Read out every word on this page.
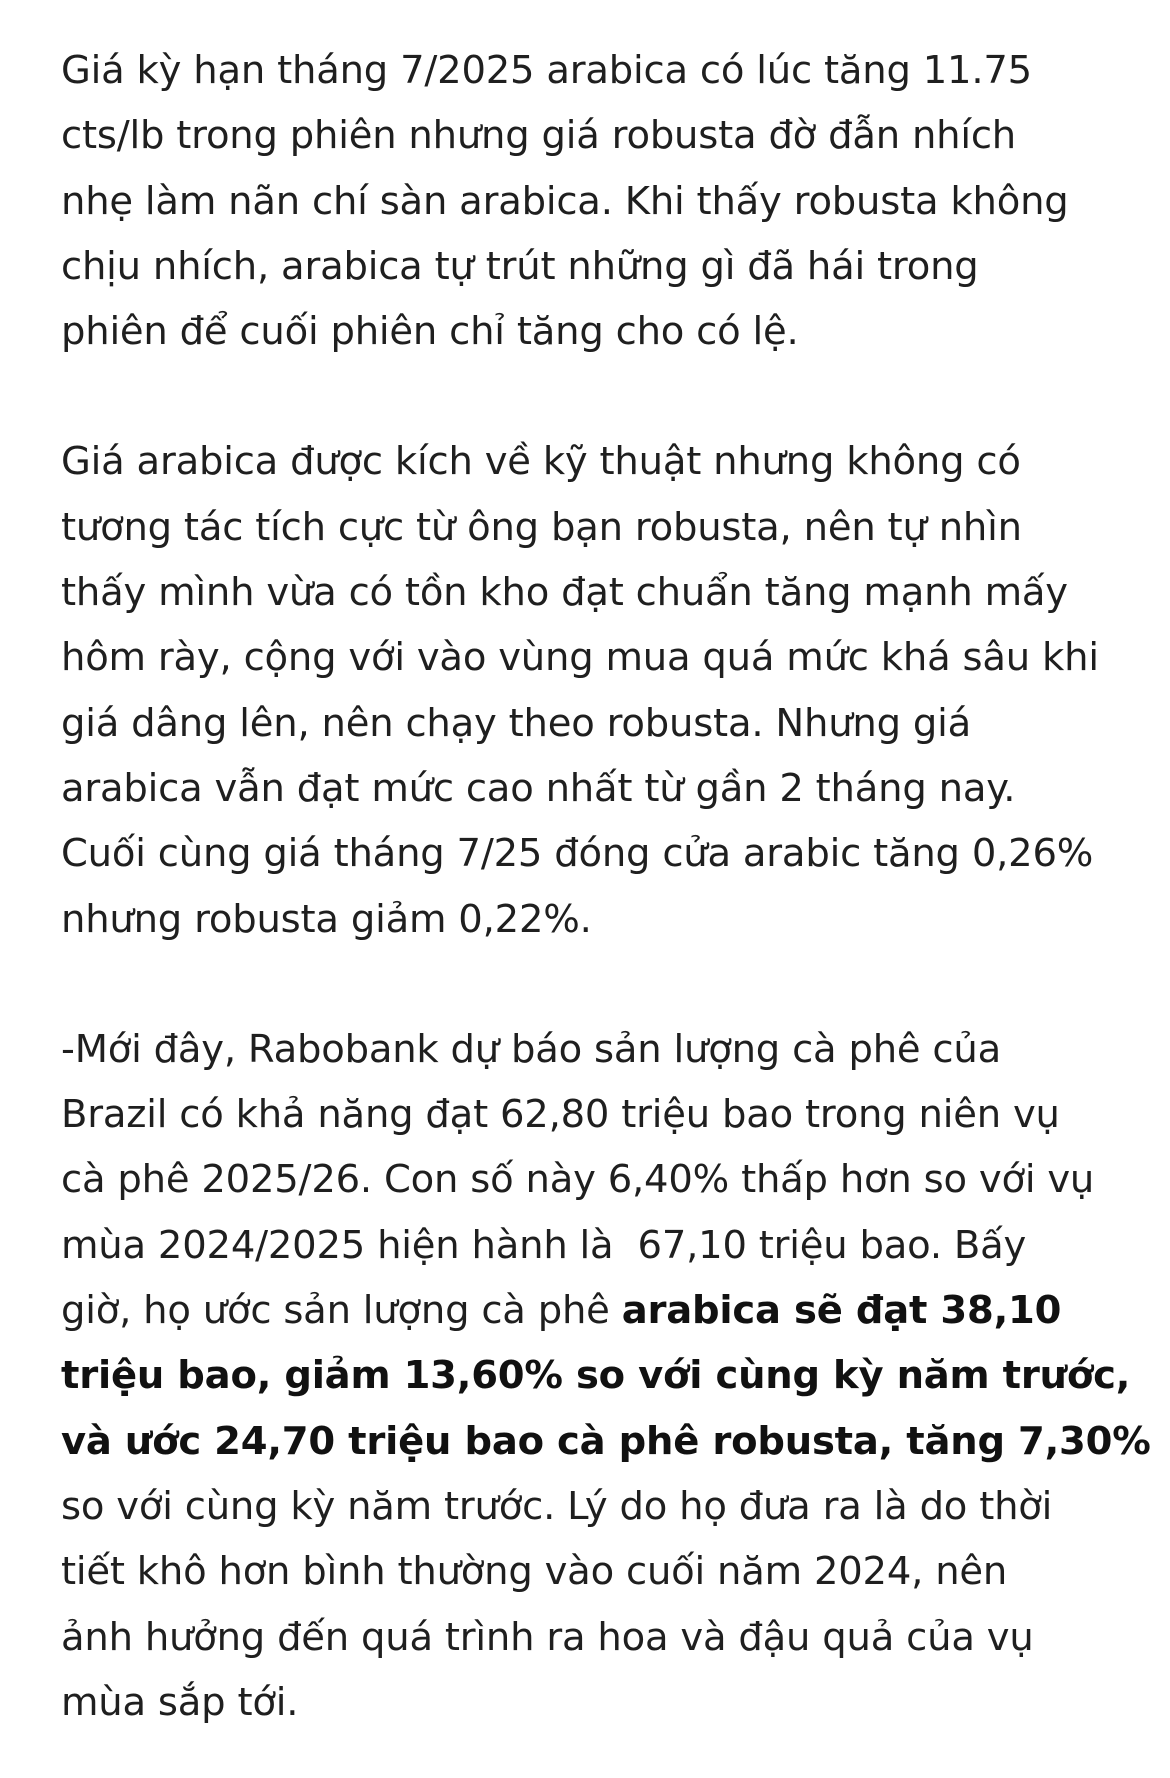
Giá kỳ hạn tháng 7/2025 arabica có lúc tăng 11.75
cts/lb trong phiên nhưng giá robusta đờ đẫn nhích
nhẹ làm nãn chí sàn arabica. Khi thấy robusta không
chịu nhích, arabica tự trút những gì đã hái trong
phiên để cuối phiên chỉ tăng cho có lệ.

Giá arabica được kích về kỹ thuật nhưng không có
tương tác tích cực từ ông bạn robusta, nên tự nhìn
thấy mình vừa có tồn kho đạt chuẩn tăng mạnh mấy
hôm rày, cộng với vào vùng mua quá mức khá sâu khi
giá dâng lên, nên chạy theo robusta. Nhưng giá
arabica vẫn đạt mức cao nhất từ gần 2 tháng nay.
Cuối cùng giá tháng 7/25 đóng cửa arabic tăng 0,26%
nhưng robusta giảm 0,22%.

-Mới đây, Rabobank dự báo sản lượng cà phê của
Brazil có khả năng đạt 62,80 triệu bao trong niên vụ
cà phê 2025/26. Con số này 6,40% thấp hơn so với vụ
mùa 2024/2025 hiện hành là  67,10 triệu bao. Bấy
giờ, họ ước sản lượng cà phê arabica sẽ đạt 38,10
triệu bao, giảm 13,60% so với cùng kỳ năm trước,
và ước 24,70 triệu bao cà phê robusta, tăng 7,30%
so với cùng kỳ năm trước. Lý do họ đưa ra là do thời
tiết khô hơn bình thường vào cuối năm 2024, nên
ảnh hưởng đến quá trình ra hoa và đậu quả của vụ
mùa sắp tới.
